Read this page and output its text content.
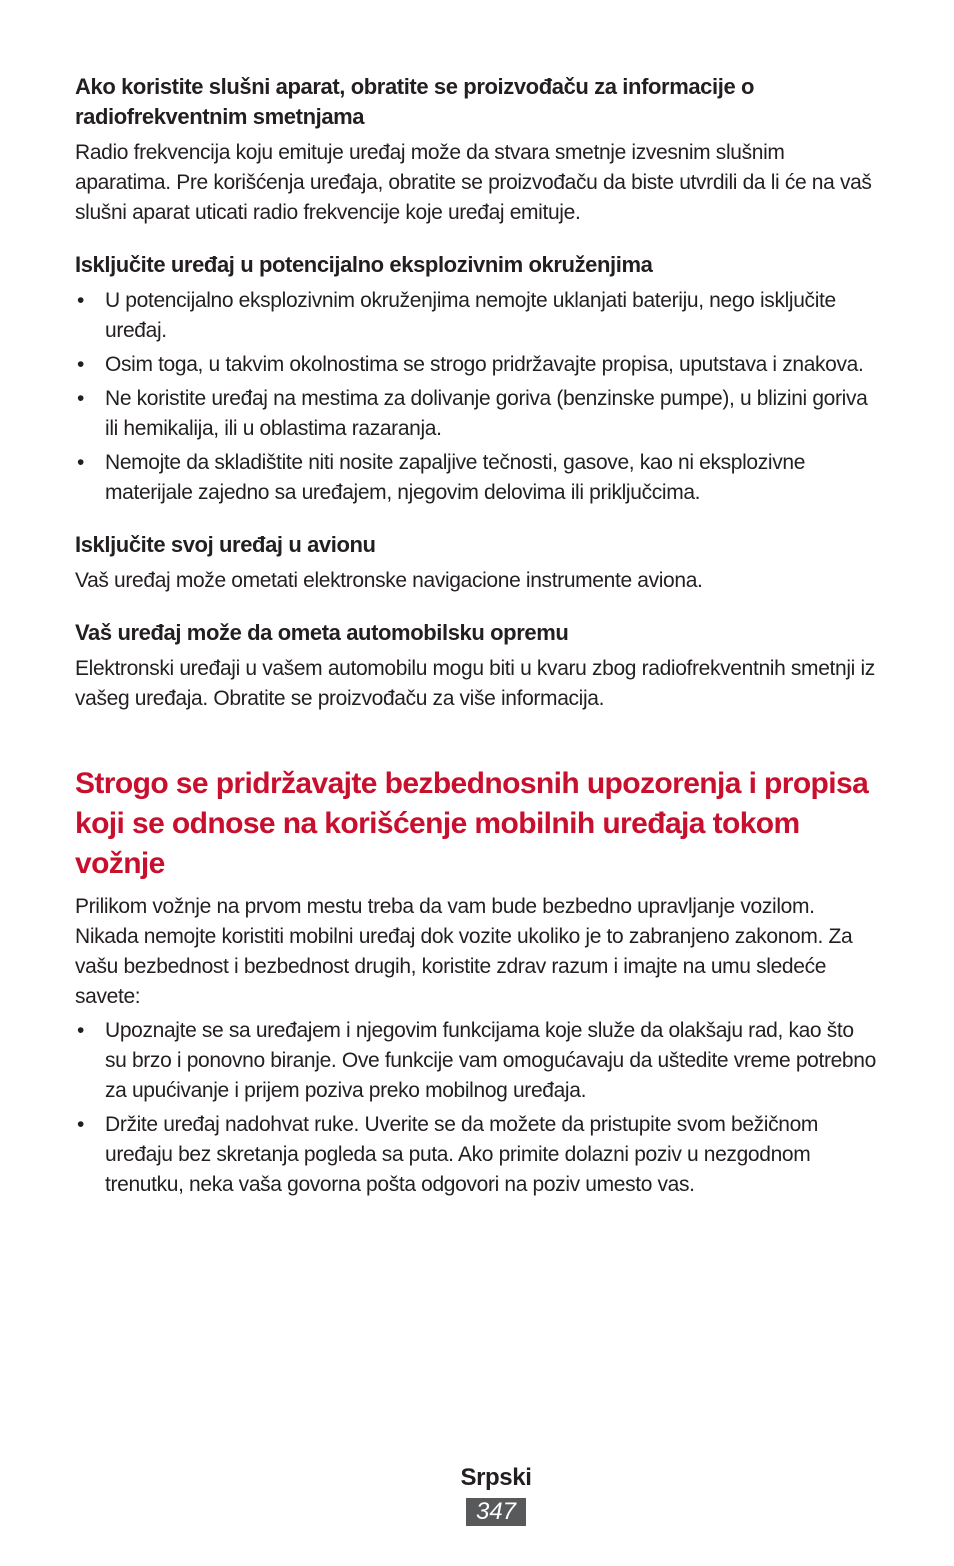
Ako koristite slušni aparat, obratite se proizvođaču za informacije o radiofrekventnim smetnjama

Radio frekvencija koju emituje uređaj može da stvara smetnje izvesnim slušnim aparatima. Pre korišćenja uređaja, obratite se proizvođaču da biste utvrdili da li će na vaš slušni aparat uticati radio frekvencije koje uređaj emituje.

Isključite uređaj u potencijalno eksplozivnim okruženjima
• U potencijalno eksplozivnim okruženjima nemojte uklanjati bateriju, nego isključite uređaj.
• Osim toga, u takvim okolnostima se strogo pridržavajte propisa, uputstava i znakova.
• Ne koristite uređaj na mestima za dolivanje goriva (benzinske pumpe), u blizini goriva ili hemikalija, ili u oblastima razaranja.
• Nemojte da skladištite niti nosite zapaljive tečnosti, gasove, kao ni eksplozivne materijale zajedno sa uređajem, njegovim delovima ili priključcima.
Isključite svoj uređaj u avionu

Vaš uređaj može ometati elektronske navigacione instrumente aviona.

Vaš uređaj može da ometa automobilsku opremu

Elektronski uređaji u vašem automobilu mogu biti u kvaru zbog radiofrekventnih smetnji iz vašeg uređaja. Obratite se proizvođaču za više informacija.

Strogo se pridržavajte bezbednosnih upozorenja i propisa koji se odnose na korišćenje mobilnih uređaja tokom vožnje

Prilikom vožnje na prvom mestu treba da vam bude bezbedno upravljanje vozilom. Nikada nemojte koristiti mobilni uređaj dok vozite ukoliko je to zabranjeno zakonom. Za vašu bezbednost i bezbednost drugih, koristite zdrav razum i imajte na umu sledeće savete:

• Upoznajte se sa uređajem i njegovim funkcijama koje služe da olakšaju rad, kao što su brzo i ponovno biranje. Ove funkcije vam omogućavaju da uštedite vreme potrebno za upućivanje i prijem poziva preko mobilnog uređaja.
• Držite uređaj nadohvat ruke. Uverite se da možete da pristupite svom bežičnom uređaju bez skretanja pogleda sa puta. Ako primite dolazni poziv u nezgodnom trenutku, neka vaša govorna pošta odgovori na poziv umesto vas.
Srpski
347
